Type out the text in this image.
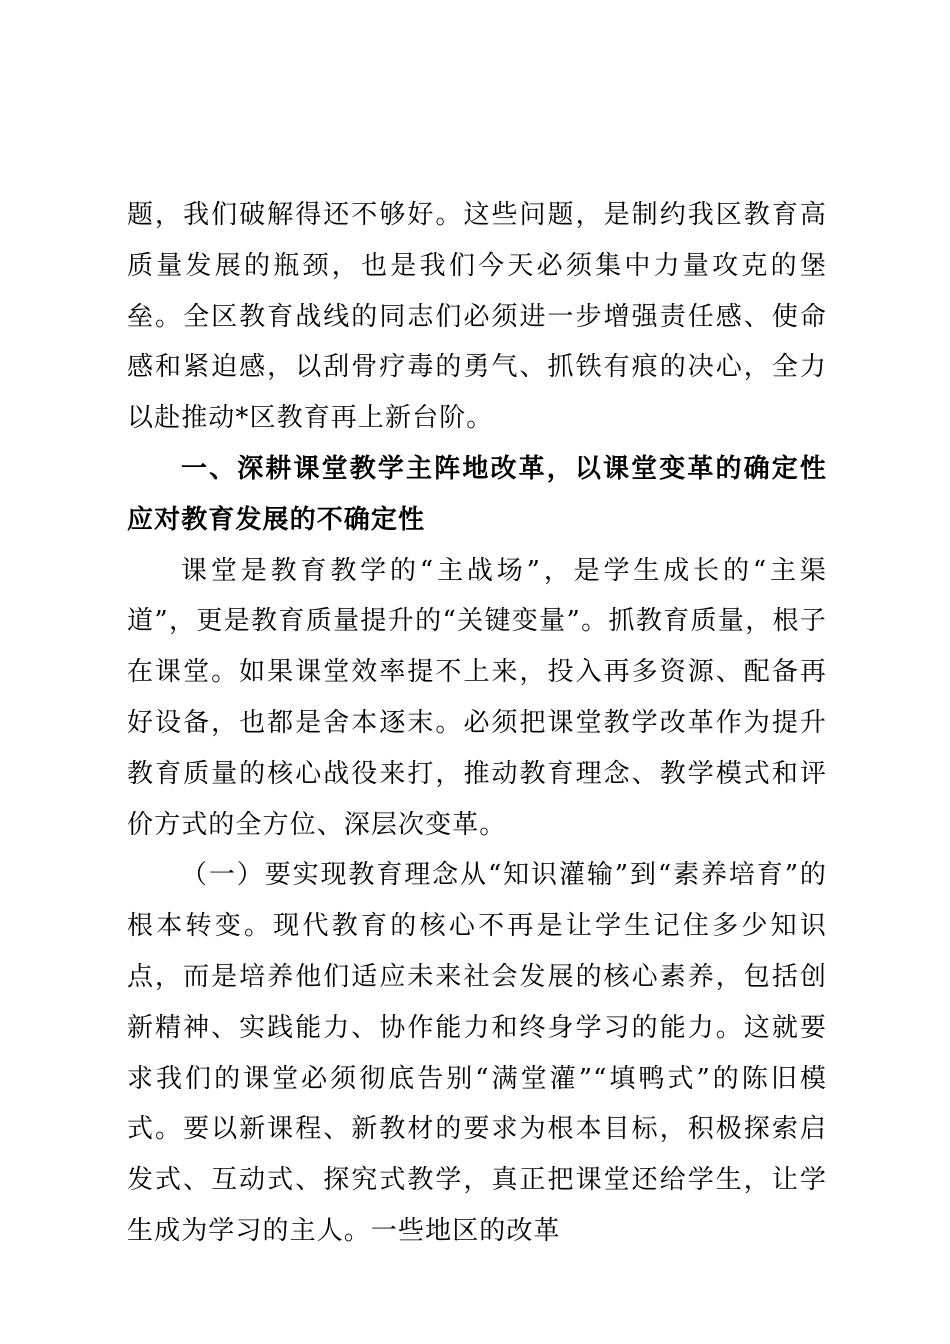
题，我们破解得还不够好。这些问题，是制约我区教育高质量发展的瓶颈，也是我们今天必须集中力量攻克的堡垒。全区教育战线的同志们必须进一步增强责任感、使命感和紧迫感，以刮骨疗毒的勇气、抓铁有痕的决心，全力以赴推动*区教育再上新台阶。

一、深耕课堂教学主阵地改革，以课堂变革的确定性应对教育发展的不确定性

课堂是教育教学的“主战场”，是学生成长的“主渠道”，更是教育质量提升的“关键变量”。抓教育质量，根子在课堂。如果课堂效率提不上来，投入再多资源、配备再好设备，也都是舍本逐末。必须把课堂教学改革作为提升教育质量的核心战役来打，推动教育理念、教学模式和评价方式的全方位、深层次变革。

（一）要实现教育理念从“知识灌输”到“素养培育”的根本转变。现代教育的核心不再是让学生记住多少知识点，而是培养他们适应未来社会发展的核心素养，包括创新精神、实践能力、协作能力和终身学习的能力。这就要求我们的课堂必须彻底告别“满堂灌”“填鸭式”的陈旧模式。要以新课程、新教材的要求为根本目标，积极探索启发式、互动式、探究式教学，真正把课堂还给学生，让学生成为学习的主人。一些地区的改革
